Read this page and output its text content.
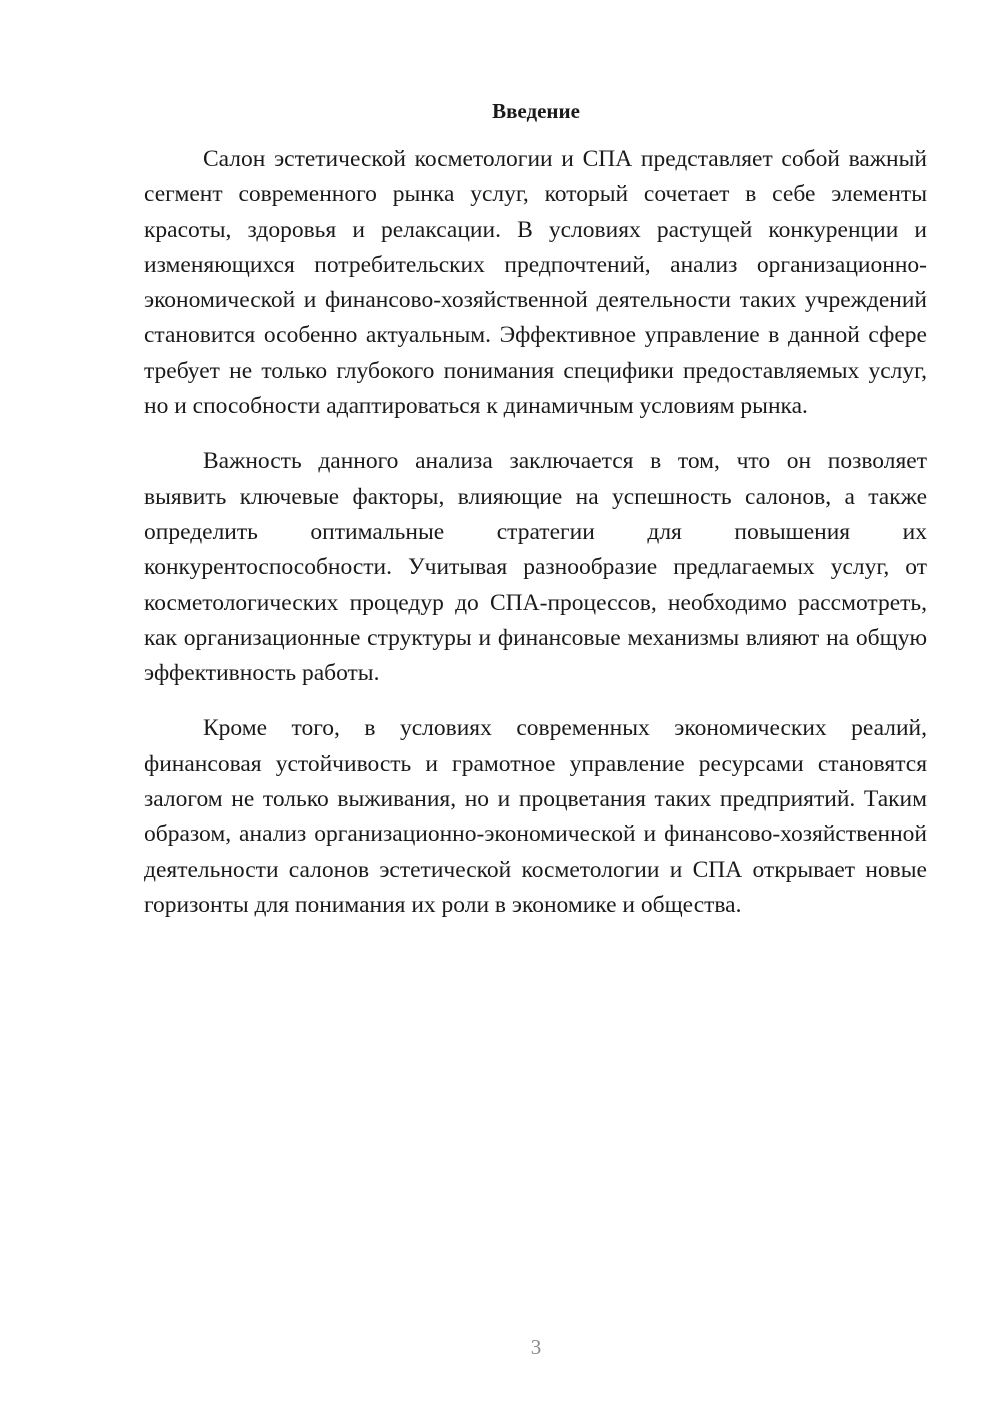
Введение

Салон эстетической косметологии и СПА представляет собой важный сегмент современного рынка услуг, который сочетает в себе элементы красоты, здоровья и релаксации. В условиях растущей конкуренции и изменяющихся потребительских предпочтений, анализ организационно-экономической и финансово-хозяйственной деятельности таких учреждений становится особенно актуальным. Эффективное управление в данной сфере требует не только глубокого понимания специфики предоставляемых услуг, но и способности адаптироваться к динамичным условиям рынка.

Важность данного анализа заключается в том, что он позволяет выявить ключевые факторы, влияющие на успешность салонов, а также определить оптимальные стратегии для повышения их конкурентоспособности. Учитывая разнообразие предлагаемых услуг, от косметологических процедур до СПА-процессов, необходимо рассмотреть, как организационные структуры и финансовые механизмы влияют на общую эффективность работы.

Кроме того, в условиях современных экономических реалий, финансовая устойчивость и грамотное управление ресурсами становятся залогом не только выживания, но и процветания таких предприятий. Таким образом, анализ организационно-экономической и финансово-хозяйственной деятельности салонов эстетической косметологии и СПА открывает новые горизонты для понимания их роли в экономике и общества.

3
